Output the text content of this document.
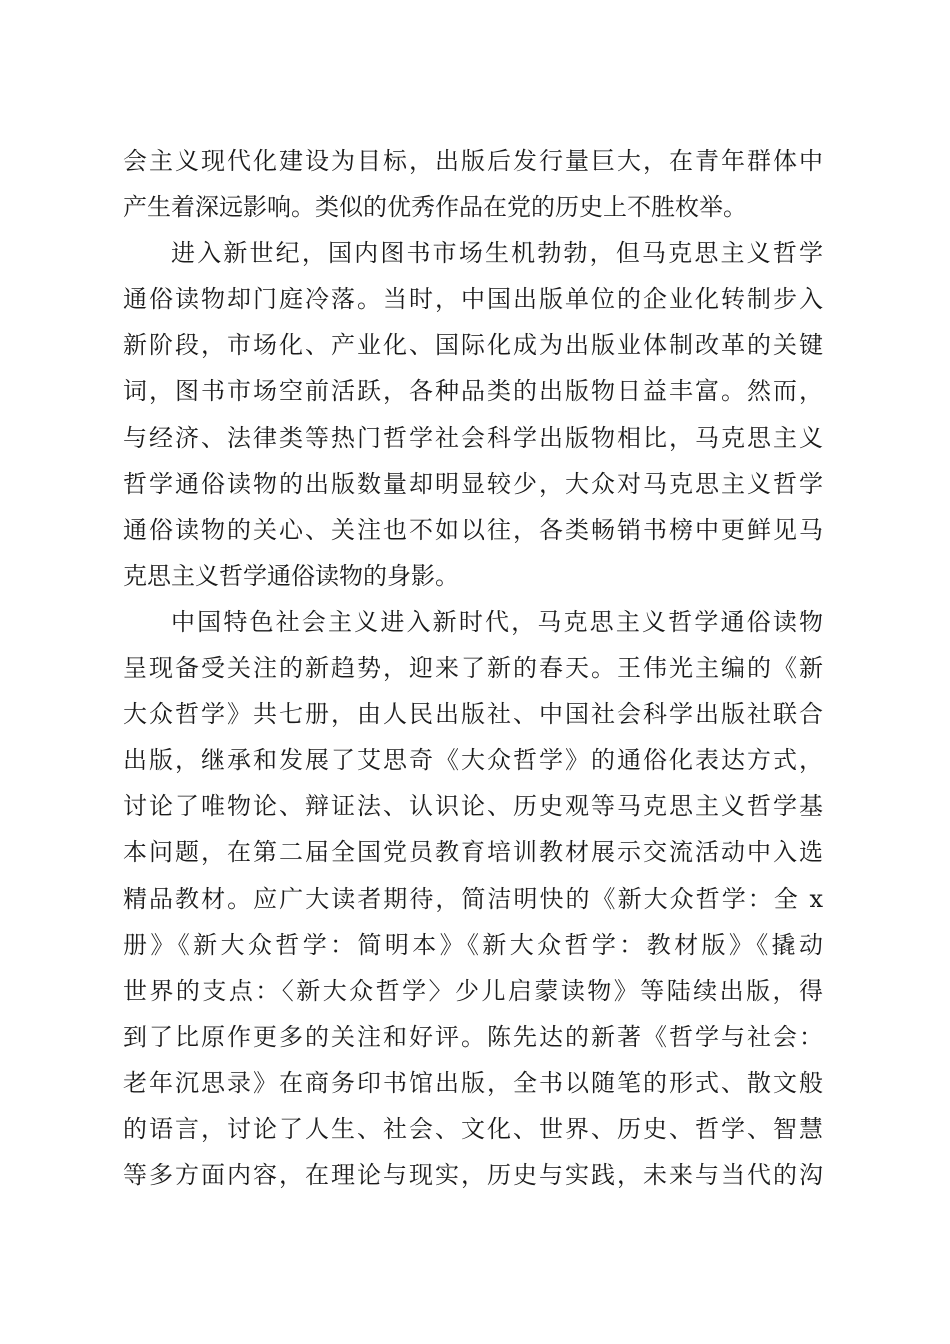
会主义现代化建设为目标，出版后发行量巨大，在青年群体中
产生着深远影响。类似的优秀作品在党的历史上不胜枚举。
进入新世纪，国内图书市场生机勃勃，但马克思主义哲学
通俗读物却门庭冷落。当时，中国出版单位的企业化转制步入
新阶段，市场化、产业化、国际化成为出版业体制改革的关键
词，图书市场空前活跃，各种品类的出版物日益丰富。然而，
与经济、法律类等热门哲学社会科学出版物相比，马克思主义
哲学通俗读物的出版数量却明显较少，大众对马克思主义哲学
通俗读物的关心、关注也不如以往，各类畅销书榜中更鲜见马
克思主义哲学通俗读物的身影。
中国特色社会主义进入新时代，马克思主义哲学通俗读物
呈现备受关注的新趋势，迎来了新的春天。王伟光主编的《新
大众哲学》共七册，由人民出版社、中国社会科学出版社联合
出版，继承和发展了艾思奇《大众哲学》的通俗化表达方式，
讨论了唯物论、辩证法、认识论、历史观等马克思主义哲学基
本问题，在第二届全国党员教育培训教材展示交流活动中入选
精品教材。应广大读者期待，简洁明快的《新大众哲学：全 x
册》《新大众哲学：简明本》《新大众哲学：教材版》《撬动
世界的支点：〈新大众哲学〉少儿启蒙读物》等陆续出版，得
到了比原作更多的关注和好评。陈先达的新著《哲学与社会：
老年沉思录》在商务印书馆出版，全书以随笔的形式、散文般
的语言，讨论了人生、社会、文化、世界、历史、哲学、智慧
等多方面内容，在理论与现实，历史与实践，未来与当代的沟
